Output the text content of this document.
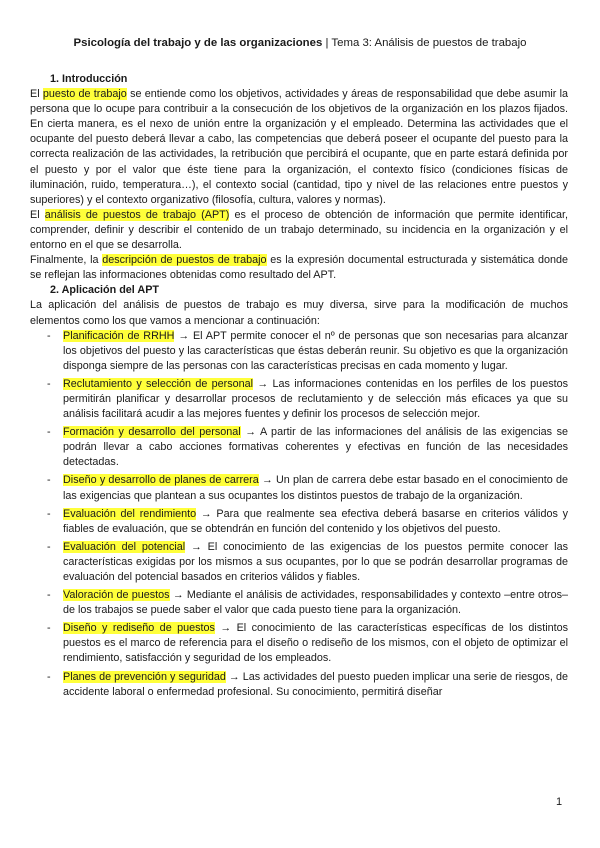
Psicología del trabajo y de las organizaciones | Tema 3: Análisis de puestos de trabajo

1. Introducción

El puesto de trabajo se entiende como los objetivos, actividades y áreas de responsabilidad que debe asumir la persona que lo ocupe para contribuir a la consecución de los objetivos de la organización en los plazos fijados. En cierta manera, es el nexo de unión entre la organización y el empleado. Determina las actividades que el ocupante del puesto deberá llevar a cabo, las competencias que deberá poseer el ocupante del puesto para la correcta realización de las actividades, la retribución que percibirá el ocupante, que en parte estará definida por el puesto y por el valor que éste tiene para la organización, el contexto físico (condiciones físicas de iluminación, ruido, temperatura…), el contexto social (cantidad, tipo y nivel de las relaciones entre puestos y superiores) y el contexto organizativo (filosofía, cultura, valores y normas).

El análisis de puestos de trabajo (APT) es el proceso de obtención de información que permite identificar, comprender, definir y describir el contenido de un trabajo determinado, su incidencia en la organización y el entorno en el que se desarrolla.

Finalmente, la descripción de puestos de trabajo es la expresión documental estructurada y sistemática donde se reflejan las informaciones obtenidas como resultado del APT.

2. Aplicación del APT

La aplicación del análisis de puestos de trabajo es muy diversa, sirve para la modificación de muchos elementos como los que vamos a mencionar a continuación:

- Planificación de RRHH → El APT permite conocer el nº de personas que son necesarias para alcanzar los objetivos del puesto y las características que éstas deberán reunir. Su objetivo es que la organización disponga siempre de las personas con las características precisas en cada momento y lugar.
- Reclutamiento y selección de personal → Las informaciones contenidas en los perfiles de los puestos permitirán planificar y desarrollar procesos de reclutamiento y de selección más eficaces ya que su análisis facilitará acudir a las mejores fuentes y definir los procesos de selección mejor.
- Formación y desarrollo del personal → A partir de las informaciones del análisis de las exigencias se podrán llevar a cabo acciones formativas coherentes y efectivas en función de las necesidades detectadas.
- Diseño y desarrollo de planes de carrera → Un plan de carrera debe estar basado en el conocimiento de las exigencias que plantean a sus ocupantes los distintos puestos de trabajo de la organización.
- Evaluación del rendimiento → Para que realmente sea efectiva deberá basarse en criterios válidos y fiables de evaluación, que se obtendrán en función del contenido y los objetivos del puesto.
- Evaluación del potencial → El conocimiento de las exigencias de los puestos permite conocer las características exigidas por los mismos a sus ocupantes, por lo que se podrán desarrollar programas de evaluación del potencial basados en criterios válidos y fiables.
- Valoración de puestos → Mediante el análisis de actividades, responsabilidades y contexto –entre otros– de los trabajos se puede saber el valor que cada puesto tiene para la organización.
- Diseño y rediseño de puestos → El conocimiento de las características específicas de los distintos puestos es el marco de referencia para el diseño o rediseño de los mismos, con el objeto de optimizar el rendimiento, satisfacción y seguridad de los empleados.
- Planes de prevención y seguridad → Las actividades del puesto pueden implicar una serie de riesgos, de accidente laboral o enfermedad profesional. Su conocimiento, permitirá diseñar
1
